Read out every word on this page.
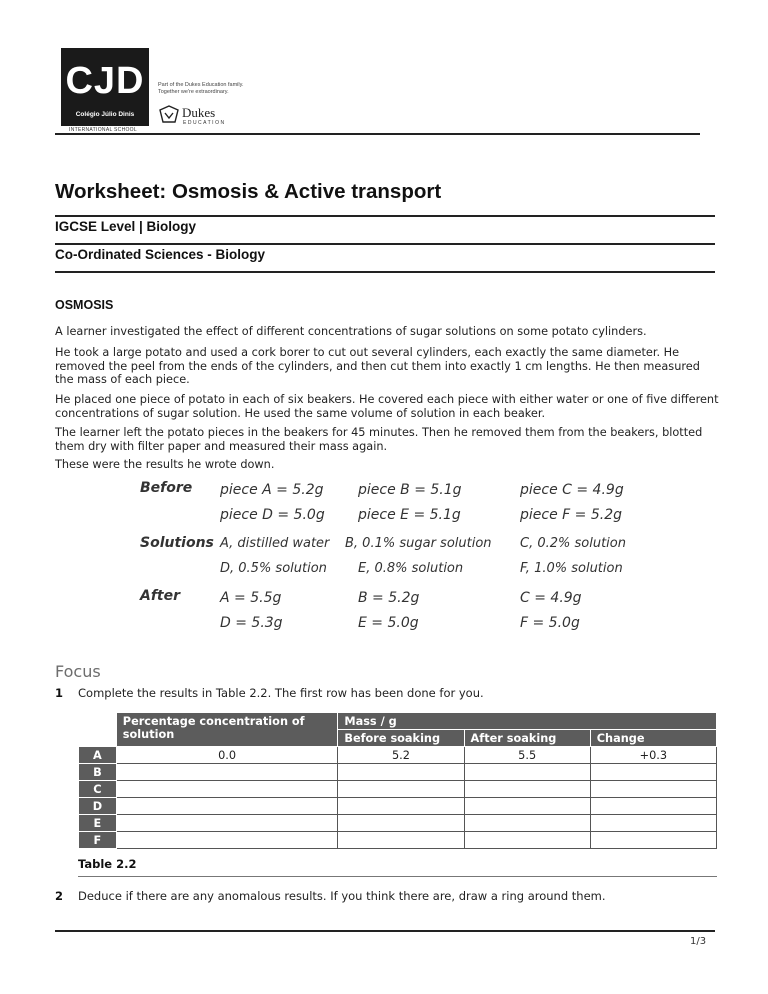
CJD
Colégio Júlio Dinis
INTERNATIONAL SCHOOL
Part of the Dukes Education family.
Together we're extraordinary.
Dukes
EDUCATION
Worksheet: Osmosis & Active transport
IGCSE Level | Biology
Co-Ordinated Sciences - Biology
OSMOSIS
A learner investigated the effect of different concentrations of sugar solutions on some potato cylinders.
He took a large potato and used a cork borer to cut out several cylinders, each exactly the same diameter. He removed the peel from the ends of the cylinders, and then cut them into exactly 1 cm lengths. He then measured the mass of each piece.
He placed one piece of potato in each of six beakers. He covered each piece with either water or one of five different concentrations of sugar solution. He used the same volume of solution in each beaker.
The learner left the potato pieces in the beakers for 45 minutes. Then he removed them from the beakers, blotted them dry with filter paper and measured their mass again.
These were the results he wrote down.
Before piece A = 5.2g piece B = 5.1g	piece C = 4.9g
piece D = 5.0g piece E = 5.1g	piece F = 5.2g
Solutions A, distilled water B, 0.1% sugar solution C, 0.2% solution
D, 0.5% solution E, 0.8% solution	F, 1.0% solution
After	A = 5.5g	B = 5.2g	C = 4.9g
D = 5.3g	E = 5.0g	F = 5.0g
Focus
1 Complete the results in Table 2.2. The first row has been done for you.
	Percentage concentration of solution	Mass / g		
		Before soaking	After soaking	Change
A	0.0	5.2	5.5	+0.3
B				
C				
D				
E				
F				
Table 2.2
2 Deduce if there are any anomalous results. If you think there are, draw a ring around them.
1/3
